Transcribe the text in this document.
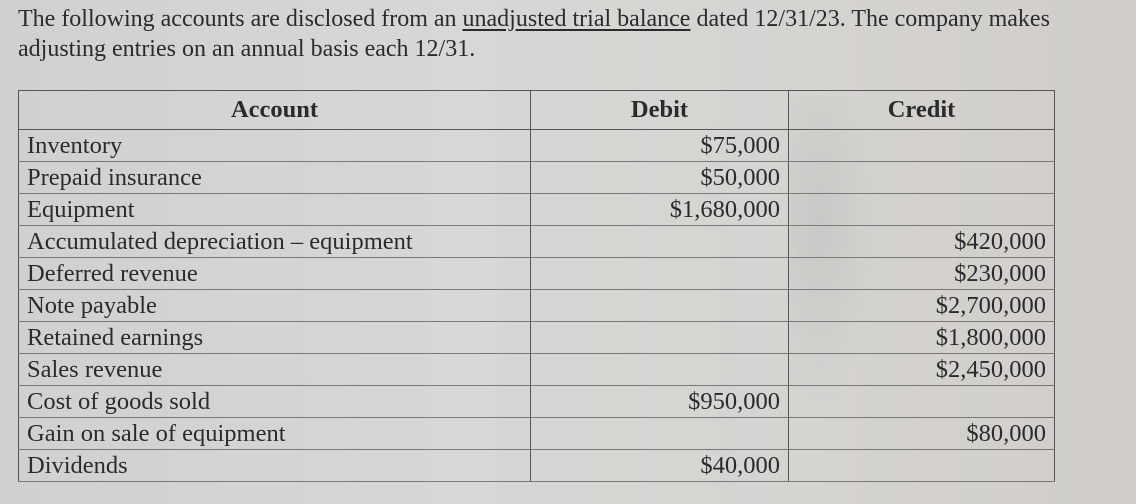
The following accounts are disclosed from an unadjusted trial balance dated 12/31/23. The company makes adjusting entries on an annual basis each 12/31.

Account	Debit	Credit
Inventory	$75,000	
Prepaid insurance	$50,000	
Equipment	$1,680,000	
Accumulated depreciation – equipment		$420,000
Deferred revenue		$230,000
Note payable		$2,700,000
Retained earnings		$1,800,000
Sales revenue		$2,450,000
Cost of goods sold	$950,000	
Gain on sale of equipment		$80,000
Dividends	$40,000	
